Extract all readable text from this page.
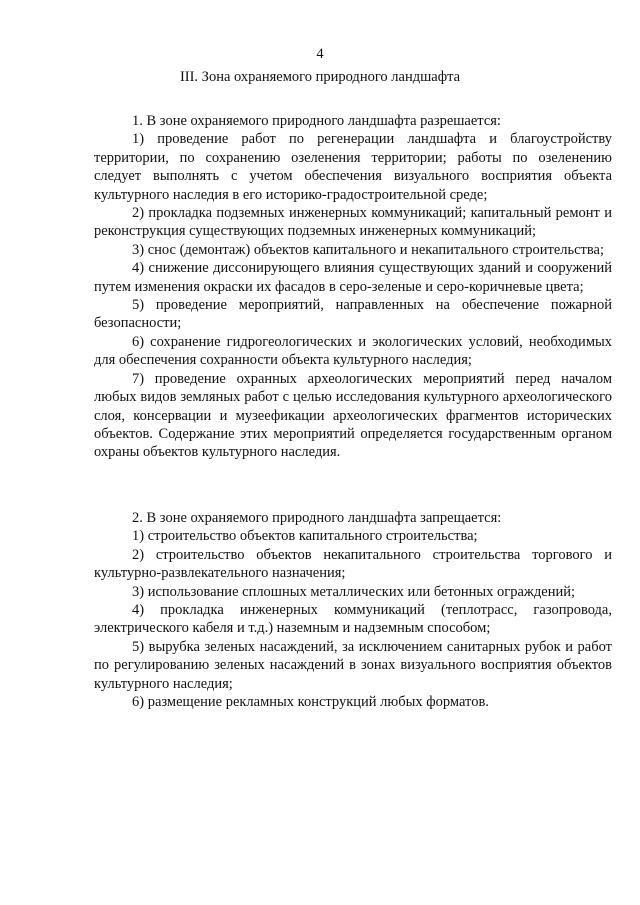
4
III. Зона охраняемого природного ландшафта

1. В зоне охраняемого природного ландшафта разрешается:

1) проведение работ по регенерации ландшафта и благоустройству территории, по сохранению озеленения территории; работы по озеленению следует выполнять с учетом обеспечения визуального восприятия объекта культурного наследия в его историко-градостроительной среде;

2) прокладка подземных инженерных коммуникаций; капитальный ремонт и реконструкция существующих подземных инженерных коммуникаций;

3) снос (демонтаж) объектов капитального и некапитального строительства;

4) снижение диссонирующего влияния существующих зданий и сооружений путем изменения окраски их фасадов в серо-зеленые и серо-коричневые цвета;

5) проведение мероприятий, направленных на обеспечение пожарной безопасности;

6) сохранение гидрогеологических и экологических условий, необходимых для обеспечения сохранности объекта культурного наследия;

7) проведение охранных археологических мероприятий перед началом любых видов земляных работ с целью исследования культурного археологического слоя, консервации и музеефикации археологических фрагментов исторических объектов. Содержание этих мероприятий определяется государственным органом охраны объектов культурного наследия.

2. В зоне охраняемого природного ландшафта запрещается:

1) строительство объектов капитального строительства;

2) строительство объектов некапитального строительства торгового и культурно-развлекательного назначения;

3) использование сплошных металлических или бетонных ограждений;

4) прокладка инженерных коммуникаций (теплотрасс, газопровода, электрического кабеля и т.д.) наземным и надземным способом;

5) вырубка зеленых насаждений, за исключением санитарных рубок и работ по регулированию зеленых насаждений в зонах визуального восприятия объектов культурного наследия;

6) размещение рекламных конструкций любых форматов.
